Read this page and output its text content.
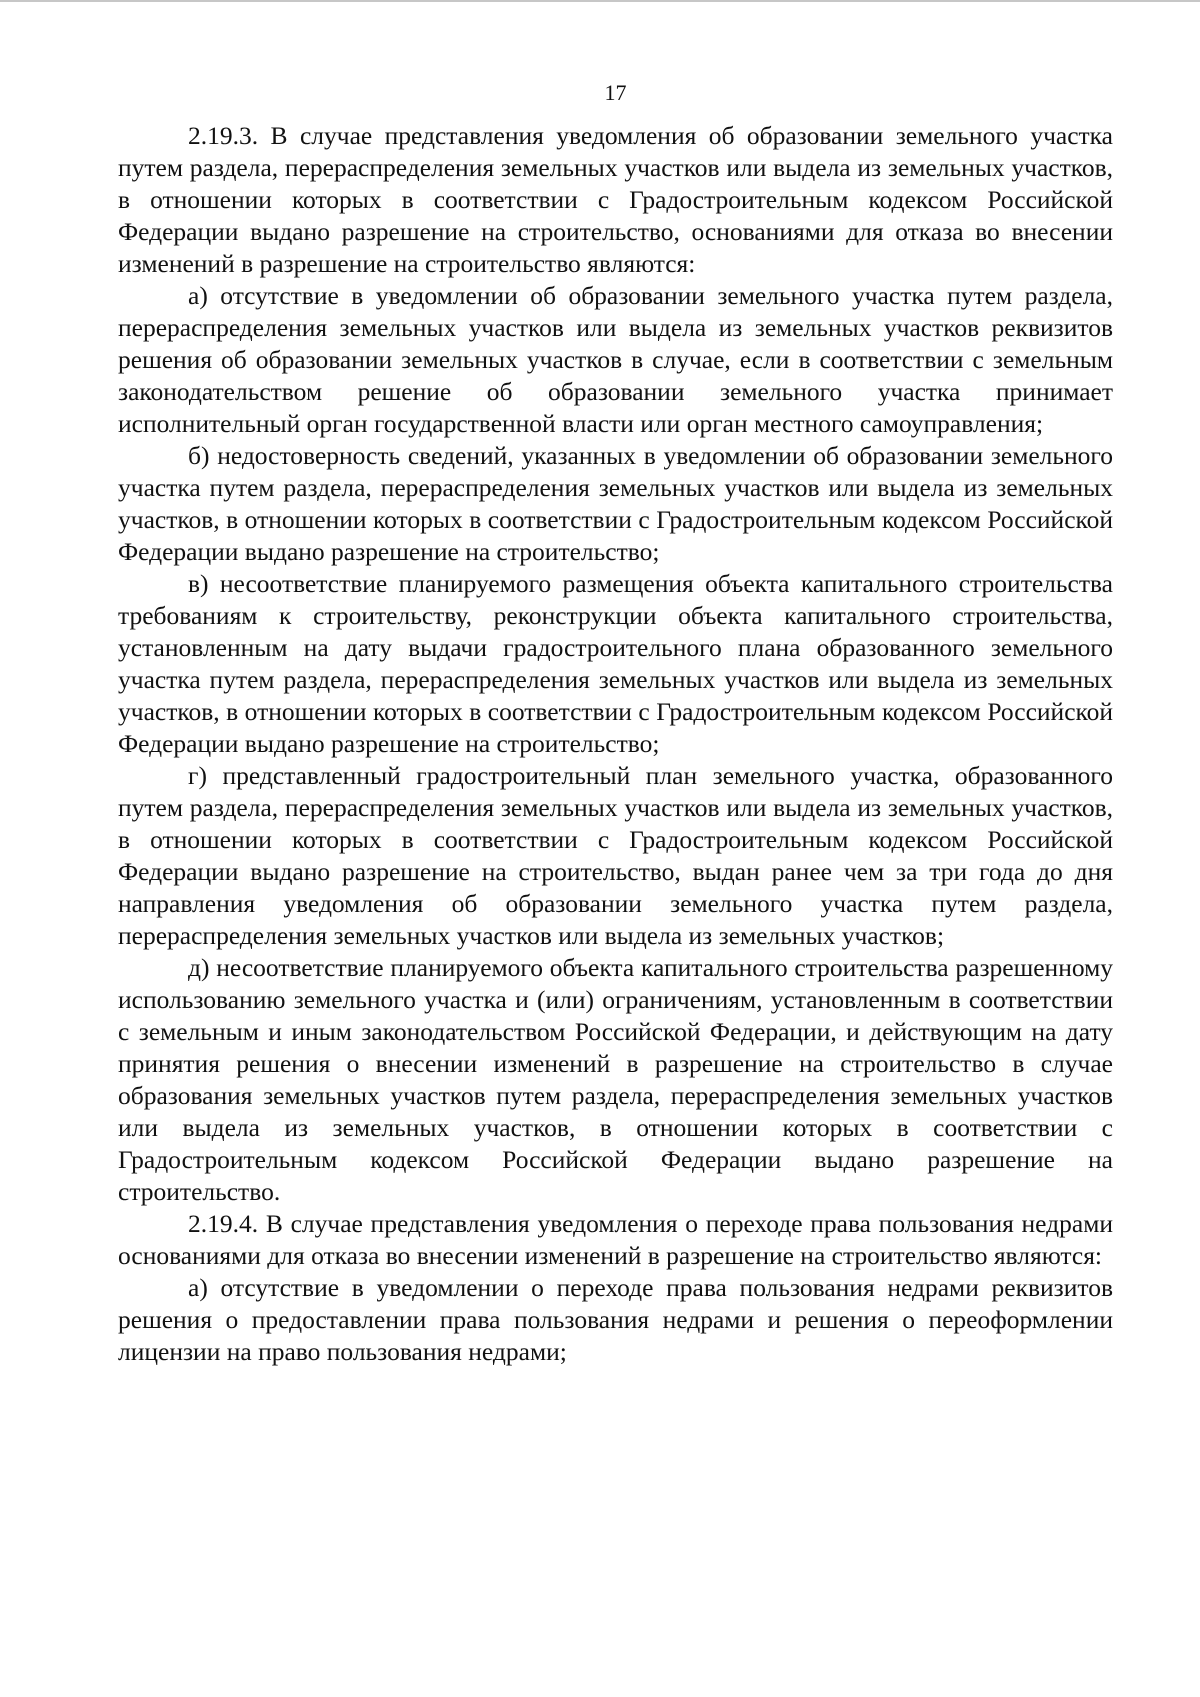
17

2.19.3. В случае представления уведомления об образовании земельного участка путем раздела, перераспределения земельных участков или выдела из земельных участков, в отношении которых в соответствии с Градостроительным кодексом Российской Федерации выдано разрешение на строительство, основаниями для отказа во внесении изменений в разрешение на строительство являются:

а) отсутствие в уведомлении об образовании земельного участка путем раздела, перераспределения земельных участков или выдела из земельных участков реквизитов решения об образовании земельных участков в случае, если в соответствии с земельным законодательством решение об образовании земельного участка принимает исполнительный орган государственной власти или орган местного самоуправления;

б) недостоверность сведений, указанных в уведомлении об образовании земельного участка путем раздела, перераспределения земельных участков или выдела из земельных участков, в отношении которых в соответствии с Градостроительным кодексом Российской Федерации выдано разрешение на строительство;

в) несоответствие планируемого размещения объекта капитального строительства требованиям к строительству, реконструкции объекта капитального строительства, установленным на дату выдачи градостроительного плана образованного земельного участка путем раздела, перераспределения земельных участков или выдела из земельных участков, в отношении которых в соответствии с Градостроительным кодексом Российской Федерации выдано разрешение на строительство;

г) представленный градостроительный план земельного участка, образованного путем раздела, перераспределения земельных участков или выдела из земельных участков, в отношении которых в соответствии с Градостроительным кодексом Российской Федерации выдано разрешение на строительство, выдан ранее чем за три года до дня направления уведомления об образовании земельного участка путем раздела, перераспределения земельных участков или выдела из земельных участков;

д) несоответствие планируемого объекта капитального строительства разрешенному использованию земельного участка и (или) ограничениям, установленным в соответствии с земельным и иным законодательством Российской Федерации, и действующим на дату принятия решения о внесении изменений в разрешение на строительство в случае образования земельных участков путем раздела, перераспределения земельных участков или выдела из земельных участков, в отношении которых в соответствии с Градостроительным кодексом Российской Федерации выдано разрешение на строительство.

2.19.4. В случае представления уведомления о переходе права пользования недрами основаниями для отказа во внесении изменений в разрешение на строительство являются:

а) отсутствие в уведомлении о переходе права пользования недрами реквизитов решения о предоставлении права пользования недрами и решения о переоформлении лицензии на право пользования недрами;
